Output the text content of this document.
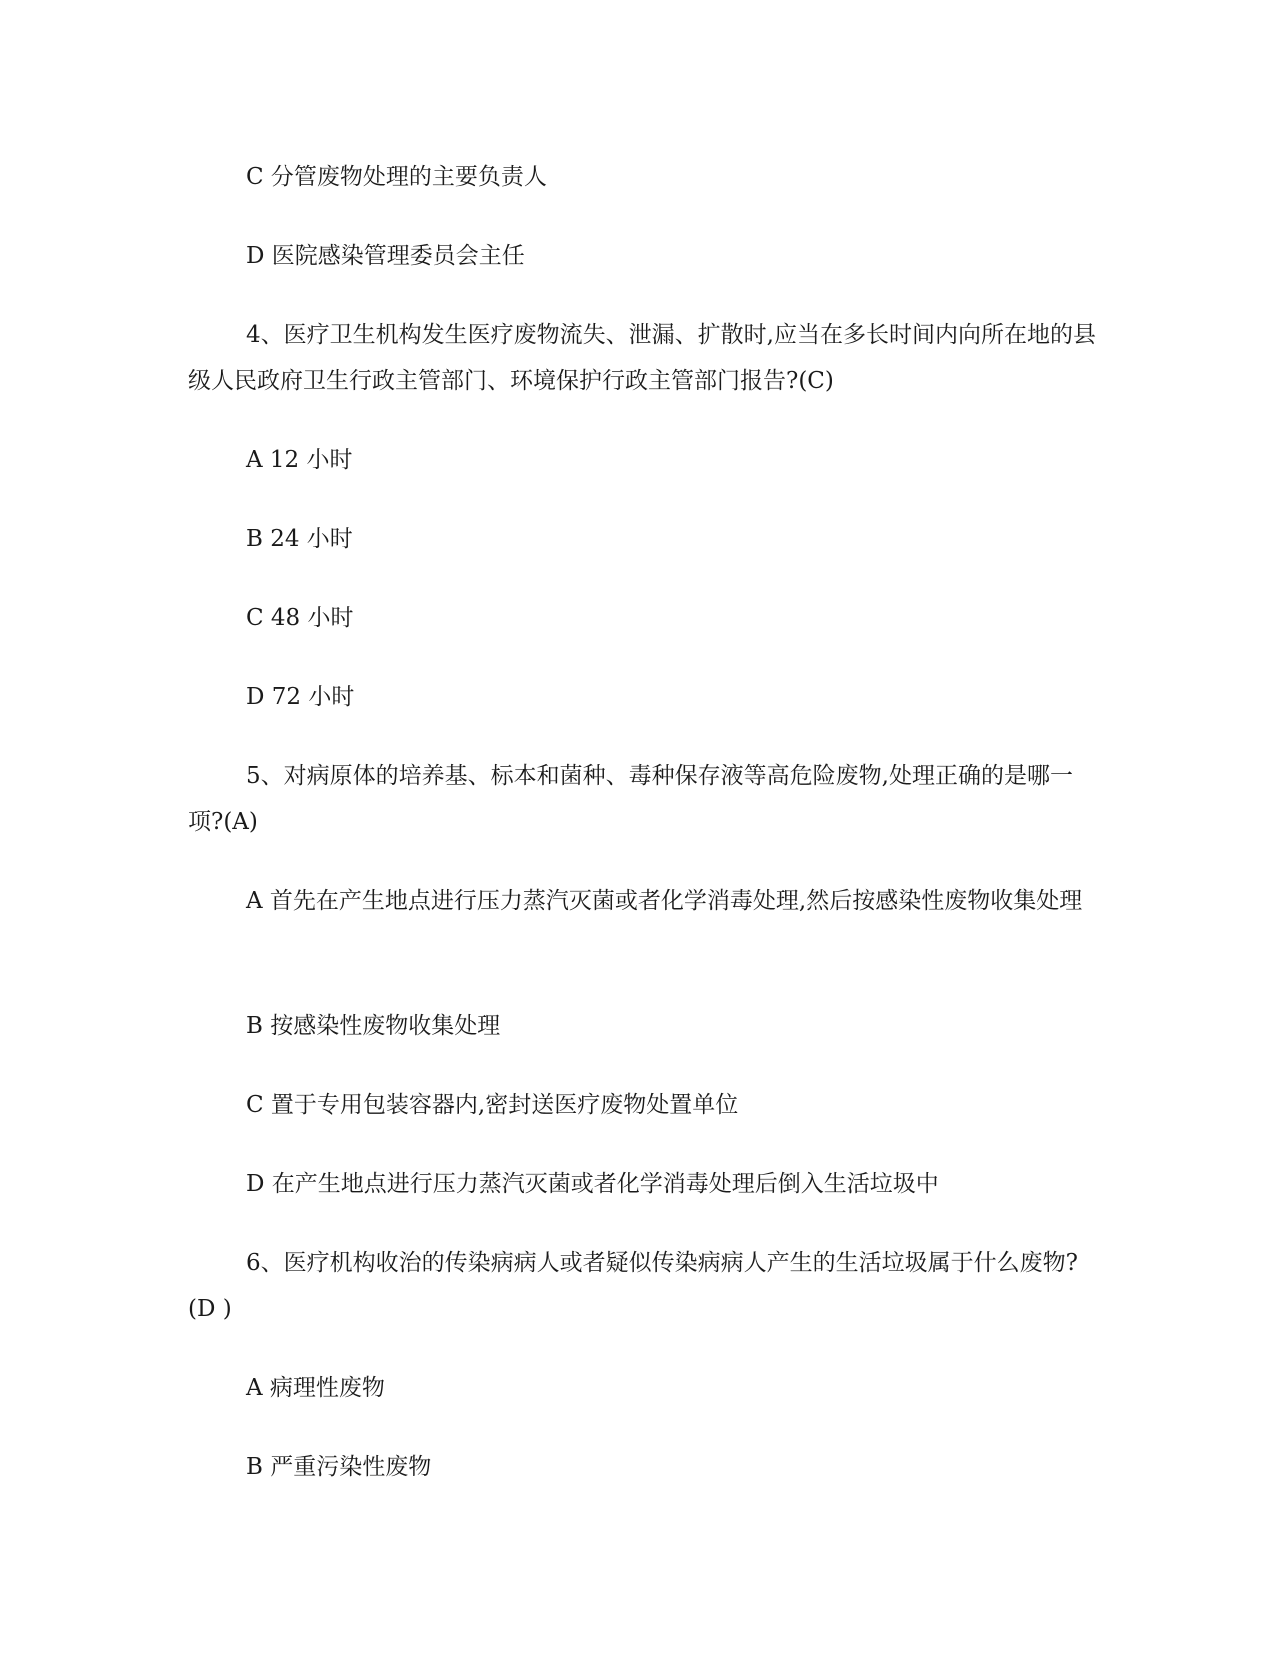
C 分管废物处理的主要负责人

D 医院感染管理委员会主任

4、医疗卫生机构发生医疗废物流失、泄漏、扩散时,应当在多长时间内向所在地的县级人民政府卫生行政主管部门、环境保护行政主管部门报告?(C)

A 12 小时

B 24 小时

C 48 小时

D 72 小时

5、对病原体的培养基、标本和菌种、毒种保存液等高危险废物,处理正确的是哪一项?(A)

A 首先在产生地点进行压力蒸汽灭菌或者化学消毒处理,然后按感染性废物收集处理

B 按感染性废物收集处理

C 置于专用包装容器内,密封送医疗废物处置单位

D 在产生地点进行压力蒸汽灭菌或者化学消毒处理后倒入生活垃圾中

6、医疗机构收治的传染病病人或者疑似传染病病人产生的生活垃圾属于什么废物?(D )

A 病理性废物

B 严重污染性废物
